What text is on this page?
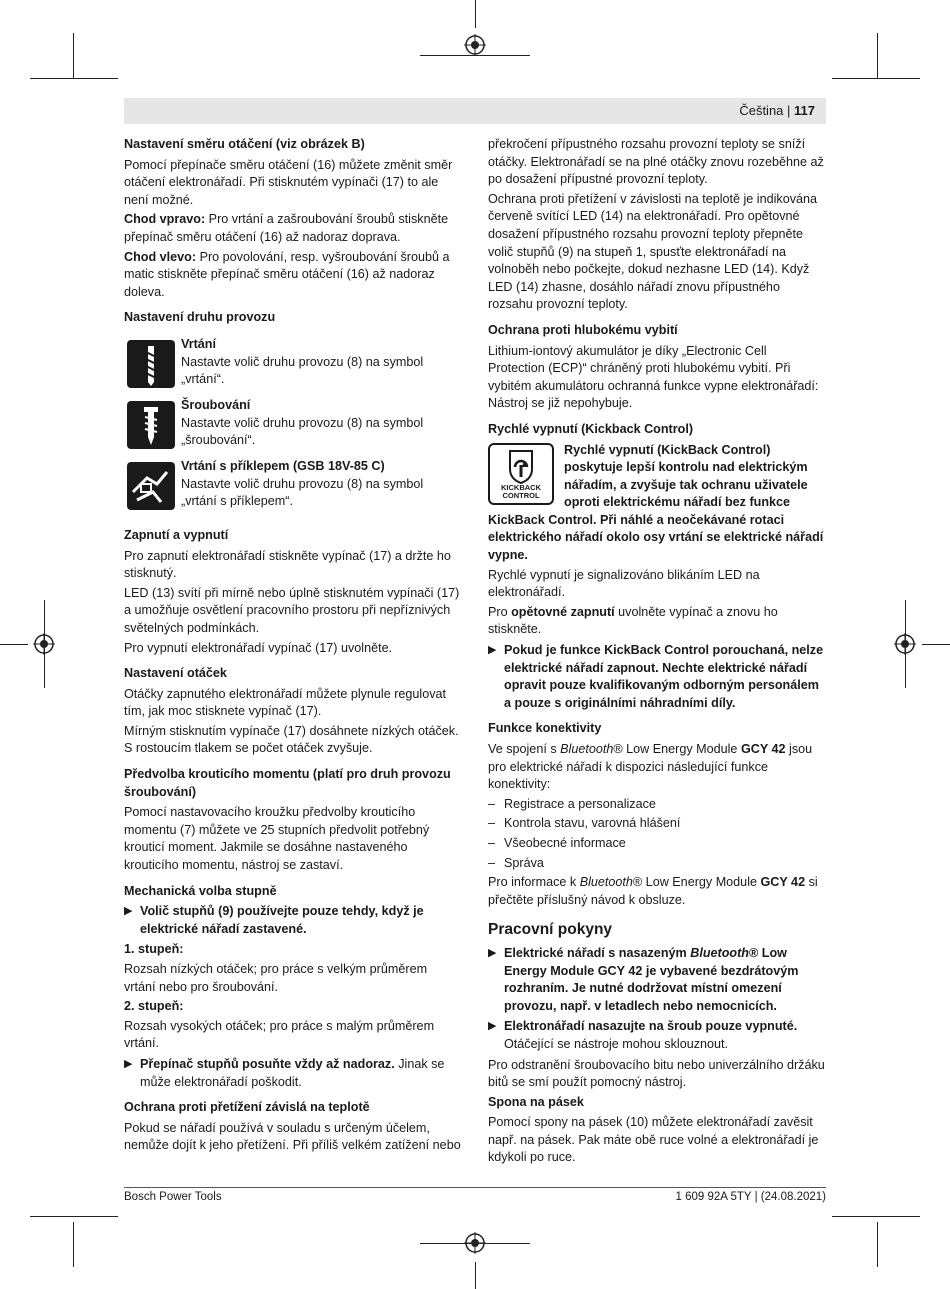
Čeština | 117

Nastavení směru otáčení (viz obrázek B)

Pomocí přepínače směru otáčení (16) můžete změnit směr otáčení elektronářadí. Při stisknutém vypínači (17) to ale není možné.

Chod vpravo: Pro vrtání a zašroubování šroubů stiskněte přepínač směru otáčení (16) až nadoraz doprava.

Chod vlevo: Pro povolování, resp. vyšroubování šroubů a matic stiskněte přepínač směru otáčení (16) až nadoraz doleva.

Nastavení druhu provozu

Vrtání
Nastavte volič druhu provozu (8) na symbol „vrtání“.
Šroubování
Nastavte volič druhu provozu (8) na symbol „šroubování“.
Vrtání s příklepem (GSB 18V-85 C)
Nastavte volič druhu provozu (8) na symbol „vrtání s příklepem“.

Zapnutí a vypnutí

Pro zapnutí elektronářadí stiskněte vypínač (17) a držte ho stisknutý.

LED (13) svítí při mírně nebo úplně stisknutém vypínači (17) a umožňuje osvětlení pracovního prostoru při nepříznivých světelných podmínkách.

Pro vypnutí elektronářadí vypínač (17) uvolněte.

Nastavení otáček

Otáčky zapnutého elektronářadí můžete plynule regulovat tím, jak moc stisknete vypínač (17).

Mírným stisknutím vypínače (17) dosáhnete nízkých otáček. S rostoucím tlakem se počet otáček zvyšuje.

Předvolba krouticího momentu (platí pro druh provozu šroubování)

Pomocí nastavovacího kroužku předvolby krouticího momentu (7) můžete ve 25 stupních předvolit potřebný krouticí moment. Jakmile se dosáhne nastaveného krouticího momentu, nástroj se zastaví.

Mechanická volba stupně

▶ Volič stupňů (9) používejte pouze tehdy, když je elektrické nářadí zastavené.

1. stupeň:

Rozsah nízkých otáček; pro práce s velkým průměrem vrtání nebo pro šroubování.

2. stupeň:

Rozsah vysokých otáček; pro práce s malým průměrem vrtání.

▶ Přepínač stupňů posuňte vždy až nadoraz. Jinak se může elektronářadí poškodit.

Ochrana proti přetížení závislá na teplotě

Pokud se nářadí používá v souladu s určeným účelem, nemůže dojít k jeho přetížení. Při příliš velkém zatížení nebo

překročení přípustného rozsahu provozní teploty se sníží otáčky. Elektronářadí se na plné otáčky znovu rozeběhne až po dosažení přípustné provozní teploty.

Ochrana proti přetížení v závislosti na teplotě je indikována červeně svítící LED (14) na elektronářadí. Pro opětovné dosažení přípustného rozsahu provozní teploty přepněte volič stupňů (9) na stupeň 1, spusťte elektronářadí na volnoběh nebo počkejte, dokud nezhasne LED (14). Když LED (14) zhasne, dosáhlo nářadí znovu přípustného rozsahu provozní teploty.

Ochrana proti hlubokému vybití

Lithium-iontový akumulátor je díky „Electronic Cell Protection (ECP)“ chráněný proti hlubokému vybití. Při vybitém akumulátoru ochranná funkce vypne elektronářadí: Nástroj se již nepohybuje.

Rychlé vypnutí (Kickback Control)

KICKBACK CONTROL

Rychlé vypnutí (KickBack Control) poskytuje lepší kontrolu nad elektrickým nářadím, a zvyšuje tak ochranu uživatele oproti elektrickému nářadí bez funkce KickBack Control. Při náhlé a neočekávané rotaci elektrického nářadí okolo osy vrtání se elektrické nářadí vypne.

Rychlé vypnutí je signalizováno blikáním LED na elektronářadí.

Pro opětovné zapnutí uvolněte vypínač a znovu ho stiskněte.

▶ Pokud je funkce KickBack Control porouchaná, nelze elektrické nářadí zapnout. Nechte elektrické nářadí opravit pouze kvalifikovaným odborným personálem a pouze s originálními náhradními díly.

Funkce konektivity

Ve spojení s Bluetooth® Low Energy Module GCY 42 jsou pro elektrické nářadí k dispozici následující funkce konektivity:

– Registrace a personalizace
– Kontrola stavu, varovná hlášení
– Všeobecné informace
– Správa

Pro informace k Bluetooth® Low Energy Module GCY 42 si přečtěte příslušný návod k obsluze.

Pracovní pokyny

▶ Elektrické nářadí s nasazeným Bluetooth® Low Energy Module GCY 42 je vybavené bezdrátovým rozhraním. Je nutné dodržovat místní omezení provozu, např. v letadlech nebo nemocnicích.
▶ Elektronářadí nasazujte na šroub pouze vypnuté. Otáčející se nástroje mohou sklouznout.

Pro odstranění šroubovacího bitu nebo univerzálního držáku bitů se smí použít pomocný nástroj.

Spona na pásek

Pomocí spony na pásek (10) můžete elektronářadí zavěsit např. na pásek. Pak máte obě ruce volné a elektronářadí je kdykoli po ruce.

Bosch Power Tools	1 609 92A 5TY | (24.08.2021)
